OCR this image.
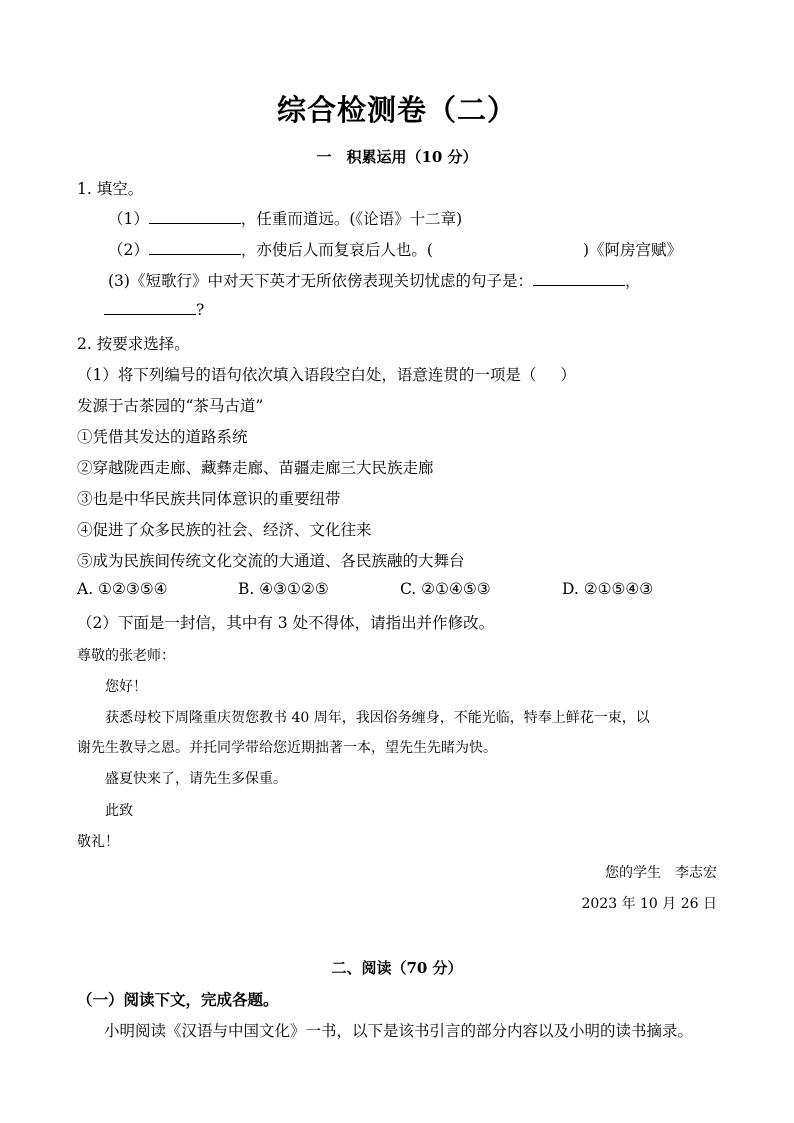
综合检测卷（二）
一　积累运用（10 分）
1. 填空。
（1）	，任重而道远。(《论语》十二章)
（2）	，亦使后人而复哀后人也。(	)《阿房宫赋》
(3)《短歌行》中对天下英才无所依傍表现关切忧虑的句子是：	，
?
2. 按要求选择。
（1）将下列编号的语句依次填入语段空白处，语意连贯的一项是（ ）
发源于古茶园的“茶马古道”
①凭借其发达的道路系统
②穿越陇西走廊、藏彝走廊、苗疆走廊三大民族走廊
③也是中华民族共同体意识的重要纽带
④促进了众多民族的社会、经济、文化往来
⑤成为民族间传统文化交流的大通道、各民族融的大舞台
A. ①②③⑤④	B. ④③①②⑤	C. ②①④⑤③	D. ②①⑤④③
（2）下面是一封信，其中有 3 处不得体，请指出并作修改。
尊敬的张老师：
您好！
获悉母校下周隆重庆贺您教书 40 周年，我因俗务缠身，不能光临，特奉上鲜花一束，以
谢先生教导之恩。并托同学带给您近期拙著一本，望先生先睹为快。
盛夏快来了，请先生多保重。
此致
敬礼！
您的学生　李志宏
2023 年 10 月 26 日
二、阅读（70 分）
（一）阅读下文，完成各题。
小明阅读《汉语与中国文化》一书，以下是该书引言的部分内容以及小明的读书摘录。
